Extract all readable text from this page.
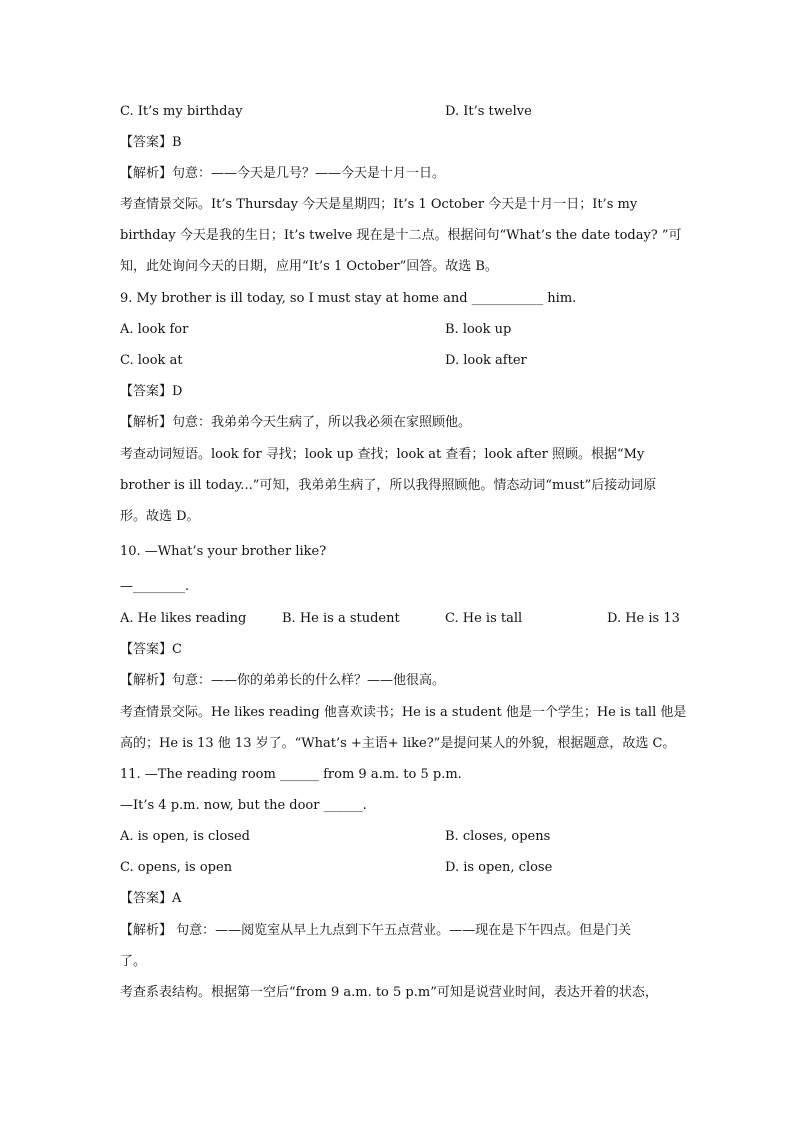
C. It’s my birthday	D. It’s twelve
【答案】B
【解析】句意：——今天是几号？——今天是十月一日。
考查情景交际。It’s Thursday 今天是星期四；It’s 1 October 今天是十月一日；It’s my
birthday 今天是我的生日；It’s twelve 现在是十二点。根据问句“What’s the date today? ”可
知，此处询问今天的日期，应用“It’s 1 October”回答。故选 B。
9. My brother is ill today, so I must stay at home and ___________ him.
A. look for	B. look up
C. look at	D. look after
【答案】D
【解析】句意：我弟弟今天生病了，所以我必须在家照顾他。
考查动词短语。look for 寻找；look up 查找；look at 查看；look after 照顾。根据“My
brother is ill today...”可知，我弟弟生病了，所以我得照顾他。情态动词“must”后接动词原
形。故选 D。
10. —What’s your brother like?
—________.
A. He likes reading	B. He is a student	C. He is tall	D. He is 13
【答案】C
【解析】句意：——你的弟弟长的什么样？——他很高。
考查情景交际。He likes reading 他喜欢读书；He is a student 他是一个学生；He is tall 他是
高的；He is 13 他 13 岁了。“What’s +主语+ like?”是提问某人的外貌，根据题意，故选 C。
11. —The reading room ______ from 9 a.m. to 5 p.m.
—It’s 4 p.m. now, but the door ______.
A. is open, is closed	B. closes, opens
C. opens, is open	D. is open, close
【答案】A
【解析】 句意：——阅览室从早上九点到下午五点营业。——现在是下午四点。但是门关
了。
考查系表结构。根据第一空后“from 9 a.m. to 5 p.m”可知是说营业时间，表达开着的状态，
